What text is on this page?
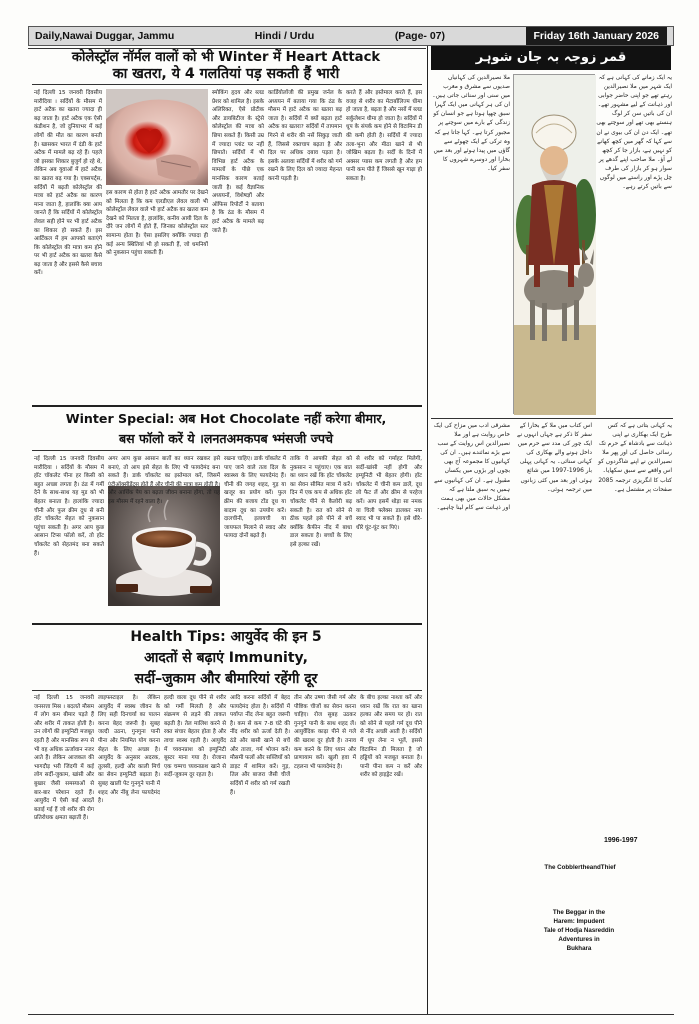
Daily,Nawai Duggar, Jammu	Hindi / Urdu	(Page- 07)	Friday 16th January 2026
कोलेस्ट्रॉल नॉर्मल वालों को भी Winter में Heart Attack
का खतरा, ये 4 गलतियां पड़ सकती हैं भारी
नई दिल्ली 15 जनवरी दिवसीय मारीदिया । सर्दियों के मौसम में हार्ट अटैक का खतरा ज्यादा ही बढ़ जाता है। हार्ट अटैक एक ऐसी कंडीशन है, जो दुनियाभर में कई लोगों की मौत का कारण बनती है। खासकर भारत में दंडी के हार्ट अटैक में मामले बढ़ रहे हैं। पहले जो इसका शिकार बुजुर्ग हो रहे थे, लेकिन अब युवाओं में हार्ट अटैक का खतरा बढ़ गया है। एक्सपर्ट्स, सर्दियों में बढ़ती कोलेस्ट्रॉल की मात्रा को हार्ट अटैक का कारण माना जाता है, हालांकि क्या आप जानते हैं कि सर्दियों में कोलेस्ट्रॉल लेवल सही होने पर भी हार्ट अटैक का शिकार हो सकते हैं। इस आर्टिकल में हम आपको बताएंगे कि कोलेस्ट्रॉल की मात्रा कम होने पर भी हार्ट अटैक का खतरा कैसे बढ़ जाता है और इससे कैसे बचाव करें।
इस कारण से होता है हार्ट अटैक आमतौर पर देखने को मिलता है कि कम एलडीएल लेवल वाली भी कोलेस्ट्रॉल लेवल वाले भी हार्ट अटैक का खतरा कम देखने को मिलता है, हालांकि, कनीय आयी दिल के दौरे जन लोगों में होते हैं, जिनका कोलेस्ट्रॉल स्तर सामान्य होता है। ऐसा इसलिए क्योंकि ज्यादा ही कई अन्य स्थितियां भी हो सकती हैं, जो धमनियों को नुकसान पहुंचा सकती हैं।
स्मोकिंग हृदय और ब्लड प्रेशर को शामिल है। इसके अलिरिक्त, ऐसे प्रोटीक और डायबिटीज के स्ट्रेसे कोलेस्ट्रॉल की मात्रा को छिपा सकते हैं। किसी उम्र में ज्यादा प्लांट पर नहीं छिपाते। सर्दियों में भी विभिन्न हार्ट अटैक के मामलों के पीछे एक मानसिक कारण बताई जाती है। कई वैज्ञानिक अध्ययनों, विशेषज्ञों और ऑफिस रिपोर्टों ने बताया है कि ठंड के मौसम में हार्ट अटैक के मामले बढ़ जाते हैं।
कार्डियोलॉजी की प्रमुख जर्नल के अध्ययन में बताया गया कि ठंड के मौसम में हार्ट अटैक का खतरा बढ़ जाता है। सर्दियों में क्यों बढ़ता हार्ट अटैक का खतरा? सर्दियों में तापमान गिरने से शरीर की नसें सिकुड़ जाती हैं, जिससे रक्तचाप बढ़ता है और दिल पर अधिक दबाव पड़ता है। इसके अलावा सर्दियों में शरीर को गर्म रखने के लिए दिल को ज्यादा मेहनत करनी पड़ती है।
करते हैं और इस्तेमाल करते हैं, इस वजह से शरीर का मेटाबॉलिज्म धीमा हो जाता है, बढ़ता है और नसों में ब्लड सर्कुलेशन धीमा हो जाता है। सर्दियों में धूप के संपर्क कम होने से विटामिन डी की कमी होती है। सर्दियों में ज्यादा तला-भुना और मीठा खाने से भी जोखिम बढ़ता है। सर्दी के दिनों में अक्सर प्यास कम लगती है और हम पानी कम पीते हैं जिससे खून गाढ़ा हो सकता है।
Winter Special: अब Hot Chocolate नहीं करेगा बीमार,
बस फॉलो करें ये ।लनतअमकपब भ्मंसजी ज्पचे
नई दिल्ली 15 जनवरी दिवसीय मारीदिया । सर्दियों के मौसम में हॉट चॉकलेट पीना हर किसी को बहुत अच्छा लगता है। ठंड में गर्मी देने के साथ-साथ यह मूड को भी बेहतर बनाता है। हालांकि ज्यादा चीनी और फुल क्रीम दूध से बनी हॉट चॉकलेट सेहत को नुकसान पहुंचा सकती है। अगर आप कुछ आसान टिप्स फॉलो करें, तो हॉट चॉकलेट को सेहतमंद बना सकते हैं।
अगर आप कुछ आसान बातों का ध्यान रखकर इसे बनाएं, तो आप इसे सेहत के लिए भी फायदेमंद बना सकते हैं। डार्क चॉकलेट का इस्तेमाल करें, जिसमें एंटीऑक्सीडेंट्स होते हैं और चीनी की मात्रा कम होती है। और आर्थिक पेय का बढ़ता जीवन बनाना होगा, तो यह इस मौसम में रहने वाला है।
रखना चाहिए। डार्क चॉकलेट में पाए जाने वाले तत्व दिल के स्वास्थ्य के लिए फायदेमंद हैं। चीनी की जगह शहद, गुड़ या खजूर का प्रयोग करें। फुल क्रीम की बजाय टोंड दूध या बादाम दूध का उपयोग करें। दालचीनी, इलायची या जायफल मिलाने से स्वाद और फायदा दोनों बढ़ते हैं।
ताकि ये आपकी सेहत को नुकसान न पहुंचाए। एक बात का ध्यान रखें कि हॉट चॉकलेट का सेवन सीमित मात्रा में करें। दिन में एक कप से अधिक हॉट चॉकलेट पीने से कैलोरी बढ़ सकती है। रात को सोने से ठीक पहले इसे पीने से बचें क्योंकि कैफीन नींद में बाधा डाल सकता है। बच्चों के लिए इसे हल्का रखें।
से शरीर को गर्माहट मिलेगी, सर्दी-खांसी नहीं होगी और इम्यूनिटी भी बेहतर होगी। हॉट चॉकलेट में चीनी कम डालें, दूध लो फैट लें और क्रीम से परहेज करें। आप इसमें थोड़ा सा नमक या चिली फ्लेक्स डालकर नया स्वाद भी पा सकते हैं। इसे धीरे-धीरे घूंट-घूंट कर पिएं।
Health Tips: आयुर्वेद की इन 5
आदतों से बढ़ाएं Immunity,
सर्दी–जुकाम और बीमारियां रहेंगी दूर
नई दिल्ली 15 जनवरी जनसत्ता मिस्र । बदलते मौसम में लोग कम बीमार पड़ते हैं और शरीर में ताकत होती है। उन लोगों की इम्युनिटी मजबूत रहती है और मानसिक रूप से भी वह अधिक ऊर्जावान नजर आते हैं। लेकिन आजकल की भागदौड़ भरी जिंदगी में कई लोग सर्दी-जुकाम, खांसी और बुखार जैसी समस्याओं से बार-बार परेशान रहते हैं। आयुर्वेद में ऐसी कई आदतें बताई गई हैं जो शरीर की रोग प्रतिरोधक क्षमता बढ़ाती हैं।
लाइफस्टाइल है। लेकिन आयुर्वेद में स्वस्थ जीवन के लिए सही दिनचर्या का पालन करना बेहद जरूरी है। सुबह जल्दी उठना, गुनगुना पानी पीना और नियमित योग करना सेहत के लिए अच्छा है। आयुर्वेद के अनुसार अदरक, तुलसी, हल्दी और काली मिर्च का सेवन इम्युनिटी बढ़ाता है। सुबह खाली पेट गुनगुने पानी में शहद और नींबू लेना फायदेमंद है।
हल्दी वाला दूध पीने से शरीर को गर्मी मिलती है और संक्रमण से लड़ने की ताकत बढ़ती है। तेल मालिश करने से रक्त संचार बेहतर होता है और त्वचा स्वस्थ रहती है। आयुर्वेद में च्यवनप्राश को इम्युनिटी बूस्टर माना गया है। रोजाना एक चम्मच च्यवनप्राश खाने से सर्दी-जुकाम दूर रहता है।
आदि करना सर्दियों में बेहद फायदेमंद होता है। सर्दियों में पर्याप्त नींद लेना बहुत जरूरी है। कम से कम 7-8 घंटे की नींद शरीर को ऊर्जा देती है। ठंडे और बासी खाने से बचें और ताजा, गर्म भोजन करें। मौसमी फलों और सब्जियों को डाइट में शामिल करें। गुड़, तिल और बाजरा जैसी चीजें सर्दियों में शरीर को गर्म रखती हैं।
तीन और उष्णा जैसी गर्म और पौष्टिक चीजों का सेवन करना चाहिए। रोज सुबह उठकर गुनगुने पानी के साथ शहद लें। आयुर्वेदिक काढ़ा पीने से गले की खराश दूर होती है। तनाव कम करने के लिए ध्यान और प्राणायाम करें। खुली हवा में टहलना भी फायदेमंद है।
के बीच हल्का नाश्ता करें और ध्यान रखें कि रात का खाना हल्का और समय पर हो। रात को सोने से पहले गर्म दूध पीने से नींद अच्छी आती है। सर्दियों में धूप लेना न भूलें, इससे विटामिन डी मिलता है जो हड्डियों को मजबूत बनाता है। पानी पीना कम न करें और शरीर को हाइड्रेट रखें।
قمر زوجہ بہ جان شوہر
ملا نصیرالدین کی کہانیاں صدیوں سے مشرق و مغرب میں سنی اور سنائی جاتی ہیں۔ ان کی ہر کہانی میں ایک گہرا سبق چھپا ہوتا ہے جو انسان کو زندگی کے بارے میں سوچنے پر مجبور کرتا ہے۔ کہا جاتا ہے کہ وہ ترکی کے ایک چھوٹے سے گاؤں میں پیدا ہوئے اور بعد میں بخارا اور دوسرے شہروں کا سفر کیا۔
یہ ایک زمانے کی کہانی ہے کہ ایک شہر میں ملا نصیرالدین رہتے تھے جو اپنی حاضر جوابی اور ذہانت کے لیے مشہور تھے۔ ان کی باتیں سن کر لوگ ہنستے بھی تھے اور سوچتے بھی تھے۔ ایک دن ان کی بیوی نے ان سے کہا کہ گھر میں کچھ کھانے کو نہیں ہے، بازار جا کر کچھ لے آؤ۔ ملا صاحب اپنے گدھے پر سوار ہو کر بازار کی طرف چل پڑے اور راستے میں لوگوں سے باتیں کرتے رہے۔
مشرقی ادب میں مزاح کی ایک خاص روایت ہے اور ملا نصیرالدین اس روایت کے سب سے بڑے نمائندے ہیں۔ ان کی کہانیوں کا مجموعہ آج بھی بچوں اور بڑوں میں یکساں مقبول ہے۔ ان کی کہانیوں سے ہمیں یہ سبق ملتا ہے کہ مشکل حالات میں بھی ہمت اور ذہانت سے کام لینا چاہیے۔
اس کتاب میں ملا کے بخارا کے سفر کا ذکر ہے جہاں انہوں نے ایک چور کی مدد سے حرم میں داخل ہونے والے بھکاری کی کہانی سنائی۔ یہ کہانی پہلی بار 1996-1997 میں شائع ہوئی اور بعد میں کئی زبانوں میں ترجمہ ہوئی۔
یہ کہانی بتاتی ہے کہ کس طرح ایک بھکاری نے اپنی ذہانت سے بادشاہ کے حرم تک رسائی حاصل کی اور پھر ملا نصیرالدین نے اپنے شاگردوں کو اس واقعے سے سبق سکھایا۔ کتاب کا انگریزی ترجمہ 2085 صفحات پر مشتمل ہے۔
1996-1997
The CobblertheandThief
The Beggar in the
Harem: Impudent
Tale of Hodja Nasreddin
Adventures in
Bukhara
